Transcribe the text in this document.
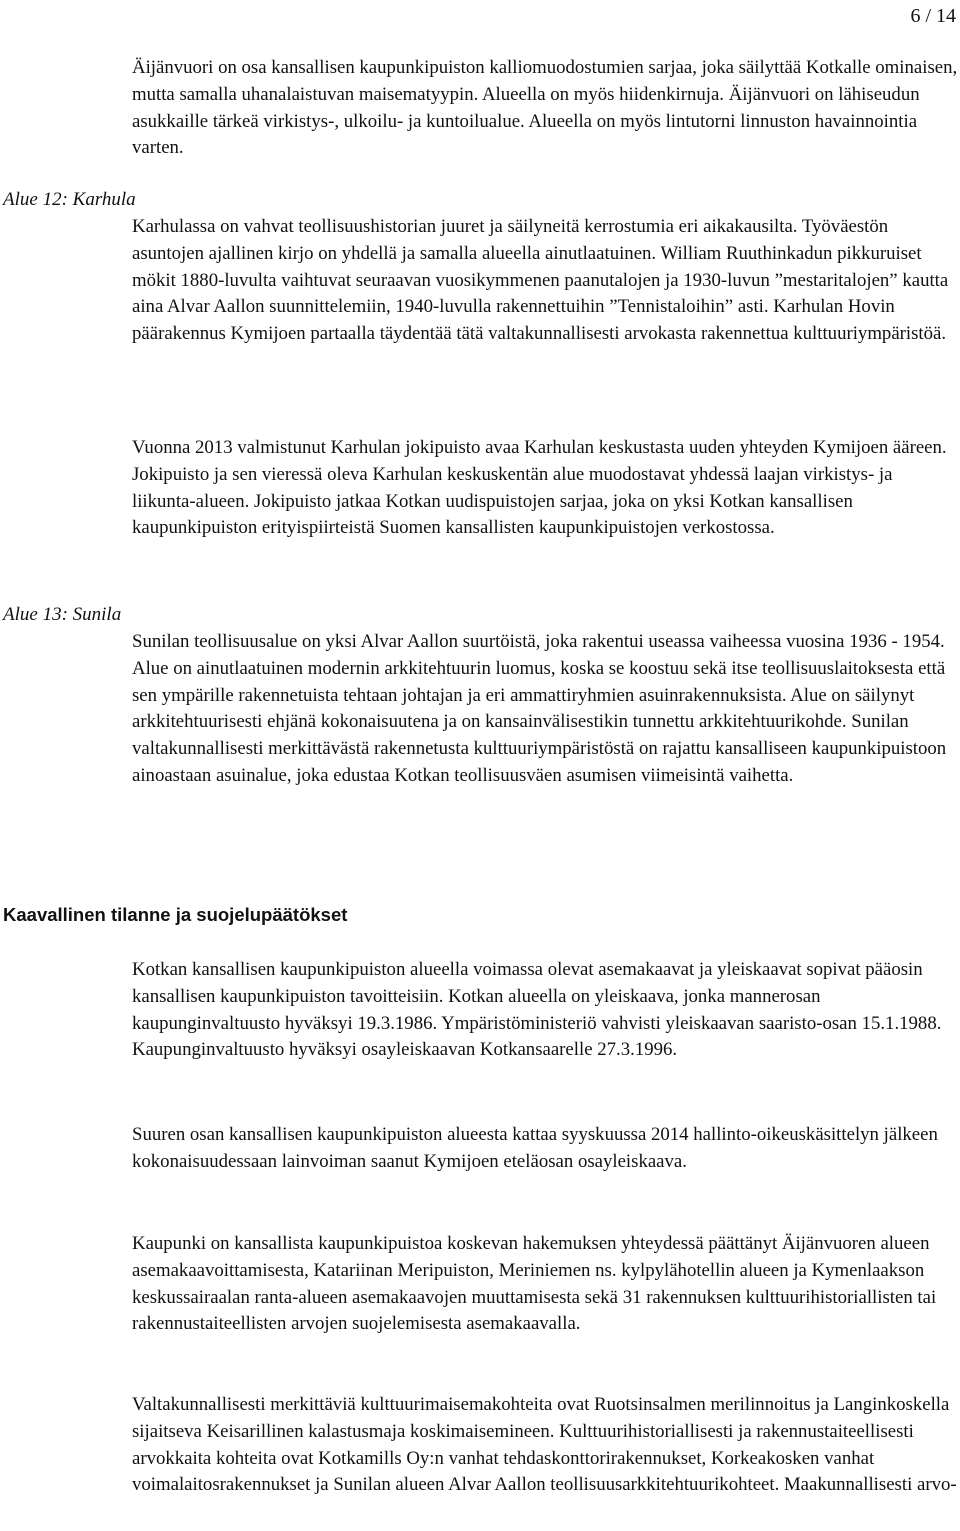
6 / 14

Äijänvuori on osa kansallisen kaupunkipuiston kalliomuodostumien sarjaa, joka säilyttää Kotkalle ominaisen, mutta samalla uhanalaistuvan maisematyypin. Alueella on myös hiidenkirnuja. Äijänvuori on lähiseudun asukkaille tärkeä virkistys-, ulkoilu- ja kuntoilualue. Alueella on myös lintutorni linnuston havainnointia varten.

Alue 12: Karhula

Karhulassa on vahvat teollisuushistorian juuret ja säilyneitä kerrostumia eri aikakausilta. Työväestön asuntojen ajallinen kirjo on yhdellä ja samalla alueella ainutlaatuinen. William Ruuthinkadun pikkuruiset mökit 1880-luvulta vaihtuvat seuraavan vuosikymmenen paanutalojen ja 1930-luvun ”mestaritalojen” kautta aina Alvar Aallon suunnittelemiin, 1940-luvulla rakennettuihin ”Tennistaloihin” asti. Karhulan Hovin päärakennus Kymijoen partaalla täydentää tätä valtakunnallisesti arvokasta rakennettua kulttuuriympäristöä.

Vuonna 2013 valmistunut Karhulan jokipuisto avaa Karhulan keskustasta uuden yhteyden Kymijoen ääreen. Jokipuisto ja sen vieressä oleva Karhulan keskuskentän alue muodostavat yhdessä laajan virkistys- ja liikunta-alueen. Jokipuisto jatkaa Kotkan uudispuistojen sarjaa, joka on yksi Kotkan kansallisen kaupunkipuiston erityispiirteistä Suomen kansallisten kaupunkipuistojen verkostossa.

Alue 13: Sunila

Sunilan teollisuusalue on yksi Alvar Aallon suurtöistä, joka rakentui useassa vaiheessa vuosina 1936 - 1954. Alue on ainutlaatuinen modernin arkkitehtuurin luomus, koska se koostuu sekä itse teollisuuslaitoksesta että sen ympärille rakennetuista tehtaan johtajan ja eri ammattiryhmien asuinrakennuksista. Alue on säilynyt arkkitehtuurisesti ehjänä kokonaisuutena ja on kansainvälisestikin tunnettu arkkitehtuurikohde. Sunilan valtakunnallisesti merkittävästä rakennetusta kulttuuriympäristöstä on rajattu kansalliseen kaupunkipuistoon ainoastaan asuinalue, joka edustaa Kotkan teollisuusväen asumisen viimeisintä vaihetta.

Kaavallinen tilanne ja suojelupäätökset

Kotkan kansallisen kaupunkipuiston alueella voimassa olevat asemakaavat ja yleiskaavat sopivat pääosin kansallisen kaupunkipuiston tavoitteisiin. Kotkan alueella on yleiskaava, jonka mannerosan kaupunginvaltuusto hyväksyi 19.3.1986. Ympäristöministeriö vahvisti yleiskaavan saaristo-osan 15.1.1988. Kaupunginvaltuusto hyväksyi osayleiskaavan Kotkansaarelle 27.3.1996.

Suuren osan kansallisen kaupunkipuiston alueesta kattaa syyskuussa 2014 hallinto-oikeuskäsittelyn jälkeen kokonaisuudessaan lainvoiman saanut Kymijoen eteläosan osayleiskaava.

Kaupunki on kansallista kaupunkipuistoa koskevan hakemuksen yhteydessä päättänyt Äijänvuoren alueen asemakaavoittamisesta, Katariinan Meripuiston, Meriniemen ns. kylpylähotellin alueen ja Kymenlaakson keskussairaalan ranta-alueen asemakaavojen muuttamisesta sekä 31 rakennuksen kulttuurihistoriallisten tai rakennustaiteellisten arvojen suojelemisesta asemakaavalla.

Valtakunnallisesti merkittäviä kulttuurimaisemakohteita ovat Ruotsinsalmen merilinnoitus ja Langinkoskella sijaitseva Keisarillinen kalastusmaja koskimaisemineen. Kulttuurihistoriallisesti ja rakennustaiteellisesti arvokkaita kohteita ovat Kotkamills Oy:n vanhat tehdaskonttorirakennukset, Korkeakosken vanhat voimalaitosrakennukset ja Sunilan alueen Alvar Aallon teollisuusarkkitehtuurikohteet. Maakunnallisesti arvo-
